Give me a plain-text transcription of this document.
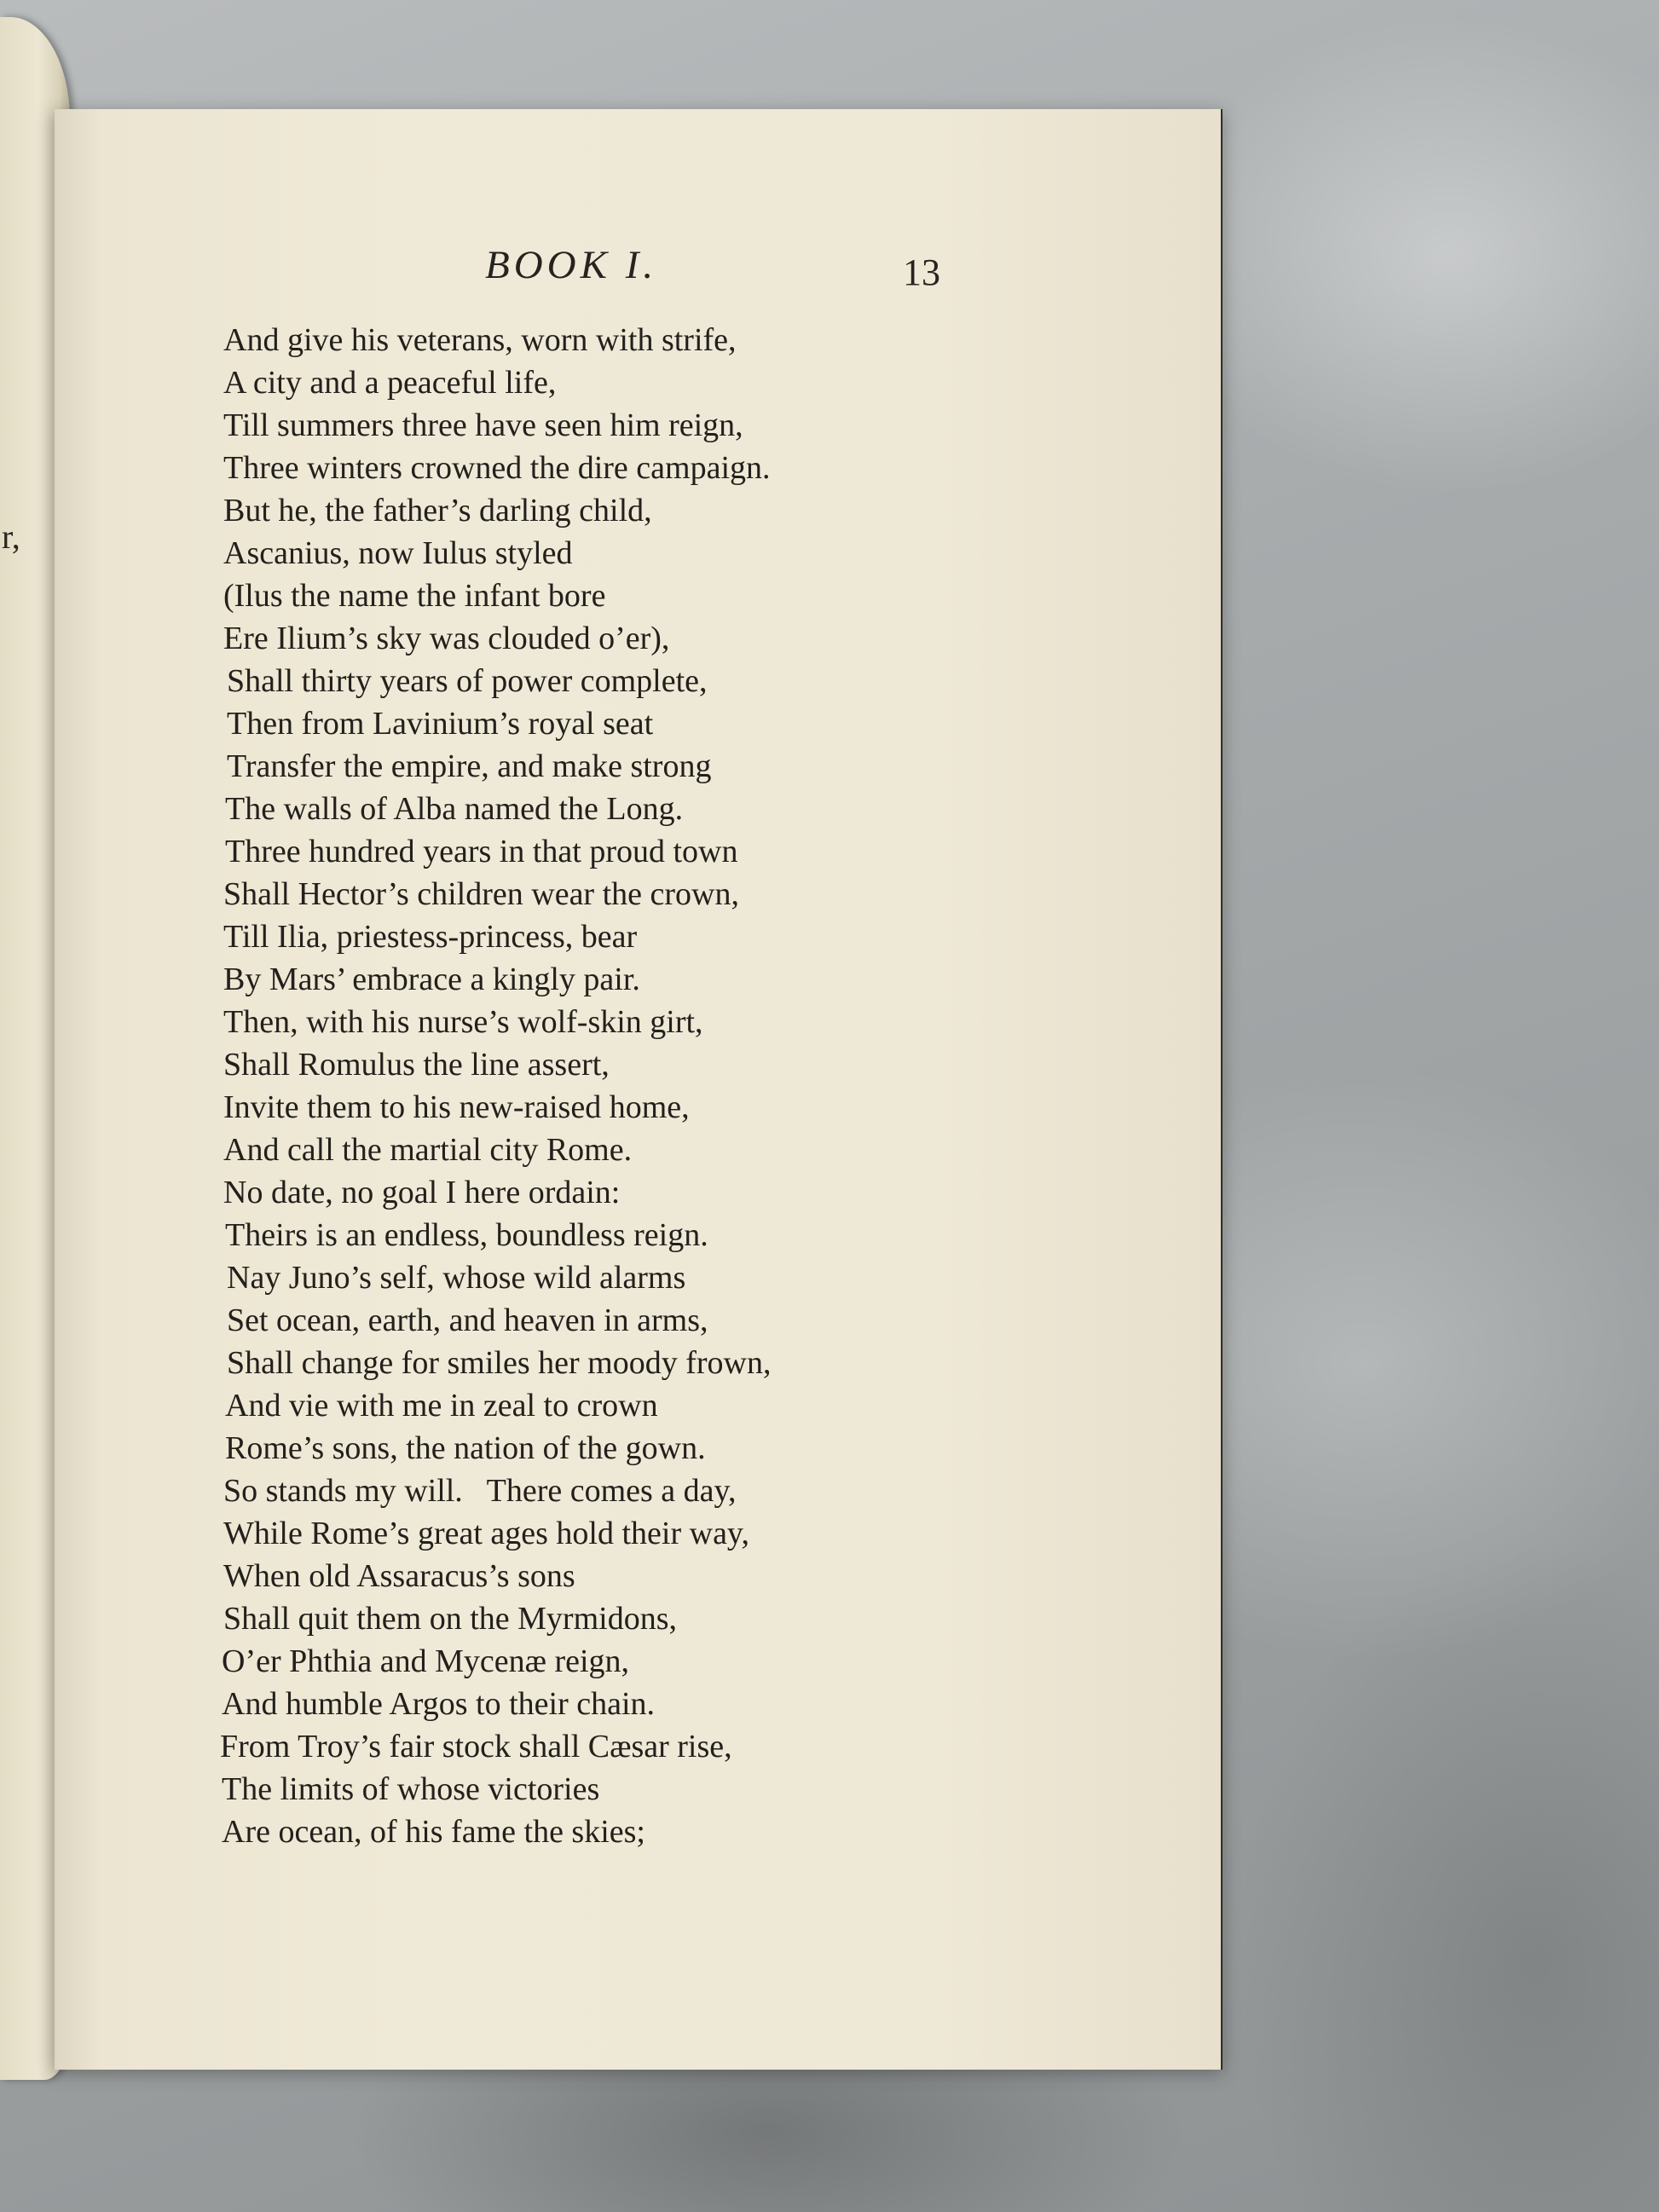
r,
BOOK I.	13
And give his veterans, worn with strife,
A city and a peaceful life,
Till summers three have seen him reign,
Three winters crowned the dire campaign.
But he, the father’s darling child,
Ascanius, now Iulus styled
(Ilus the name the infant bore
Ere Ilium’s sky was clouded o’er),
Shall thirty years of power complete,
Then from Lavinium’s royal seat
Transfer the empire, and make strong
The walls of Alba named the Long.
Three hundred years in that proud town
Shall Hector’s children wear the crown,
Till Ilia, priestess-princess, bear
By Mars’ embrace a kingly pair.
Then, with his nurse’s wolf-skin girt,
Shall Romulus the line assert,
Invite them to his new-raised home,
And call the martial city Rome.
No date, no goal I here ordain:
Theirs is an endless, boundless reign.
Nay Juno’s self, whose wild alarms
Set ocean, earth, and heaven in arms,
Shall change for smiles her moody frown,
And vie with me in zeal to crown
Rome’s sons, the nation of the gown.
So stands my will.   There comes a day,
While Rome’s great ages hold their way,
When old Assaracus’s sons
Shall quit them on the Myrmidons,
O’er Phthia and Mycenæ reign,
And humble Argos to their chain.
From Troy’s fair stock shall Cæsar rise,
The limits of whose victories
Are ocean, of his fame the skies;
